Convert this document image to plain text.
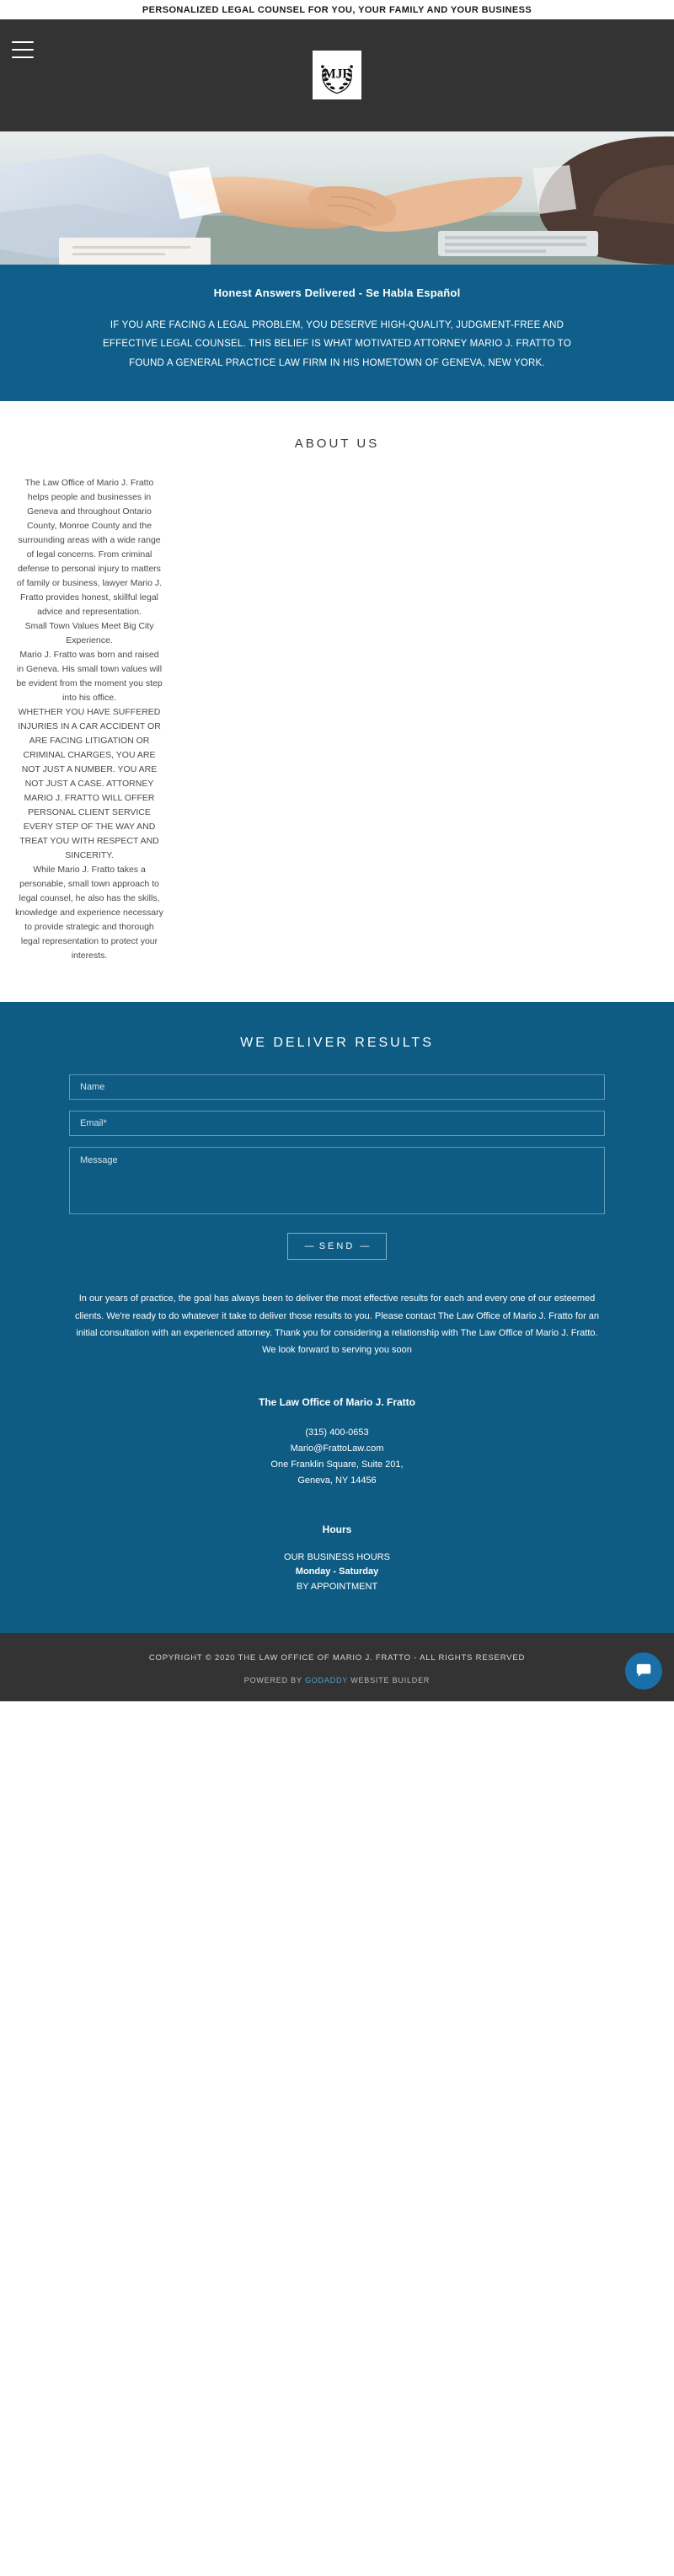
PERSONALIZED LEGAL COUNSEL FOR YOU, YOUR FAMILY AND YOUR BUSINESS
MJF
Honest Answers Delivered - Se Habla Español

IF YOU ARE FACING A LEGAL PROBLEM, YOU DESERVE HIGH-QUALITY, JUDGMENT-FREE AND EFFECTIVE LEGAL COUNSEL. THIS BELIEF IS WHAT MOTIVATED ATTORNEY MARIO J. FRATTO TO FOUND A GENERAL PRACTICE LAW FIRM IN HIS HOMETOWN OF GENEVA, NEW YORK.

ABOUT US

The Law Office of Mario J. Fratto helps people and businesses in Geneva and throughout Ontario County, Monroe County and the surrounding areas with a wide range of legal concerns. From criminal defense to personal injury to matters of family or business, lawyer Mario J. Fratto provides honest, skillful legal advice and representation.

Small Town Values Meet Big City Experience.

Mario J. Fratto was born and raised in Geneva. His small town values will be evident from the moment you step into his office.

WHETHER YOU HAVE SUFFERED INJURIES IN A CAR ACCIDENT OR ARE FACING LITIGATION OR CRIMINAL CHARGES, YOU ARE NOT JUST A NUMBER. YOU ARE NOT JUST A CASE. ATTORNEY MARIO J. FRATTO WILL OFFER PERSONAL CLIENT SERVICE EVERY STEP OF THE WAY AND TREAT YOU WITH RESPECT AND SINCERITY.

While Mario J. Fratto takes a personable, small town approach to legal counsel, he also has the skills, knowledge and experience necessary to provide strategic and thorough legal representation to protect your interests.

WE DELIVER RESULTS
Name
Email*
Message
— SEND —
In our years of practice, the goal has always been to deliver the most effective results for each and every one of our esteemed clients. We're ready to do whatever it take to deliver those results to you. Please contact The Law Office of Mario J. Fratto for an initial consultation with an experienced attorney. Thank you for considering a relationship with The Law Office of Mario J. Fratto. We look forward to serving you soon
The Law Office of Mario J. Fratto
(315) 400-0653
Mario@FrattoLaw.com
One Franklin Square, Suite 201,
Geneva, NY 14456
Hours
OUR BUSINESS HOURS
Monday - Saturday
BY APPOINTMENT
COPYRIGHT © 2020 THE LAW OFFICE OF MARIO J. FRATTO - ALL RIGHTS RESERVED
POWERED BY GODADDY WEBSITE BUILDER
